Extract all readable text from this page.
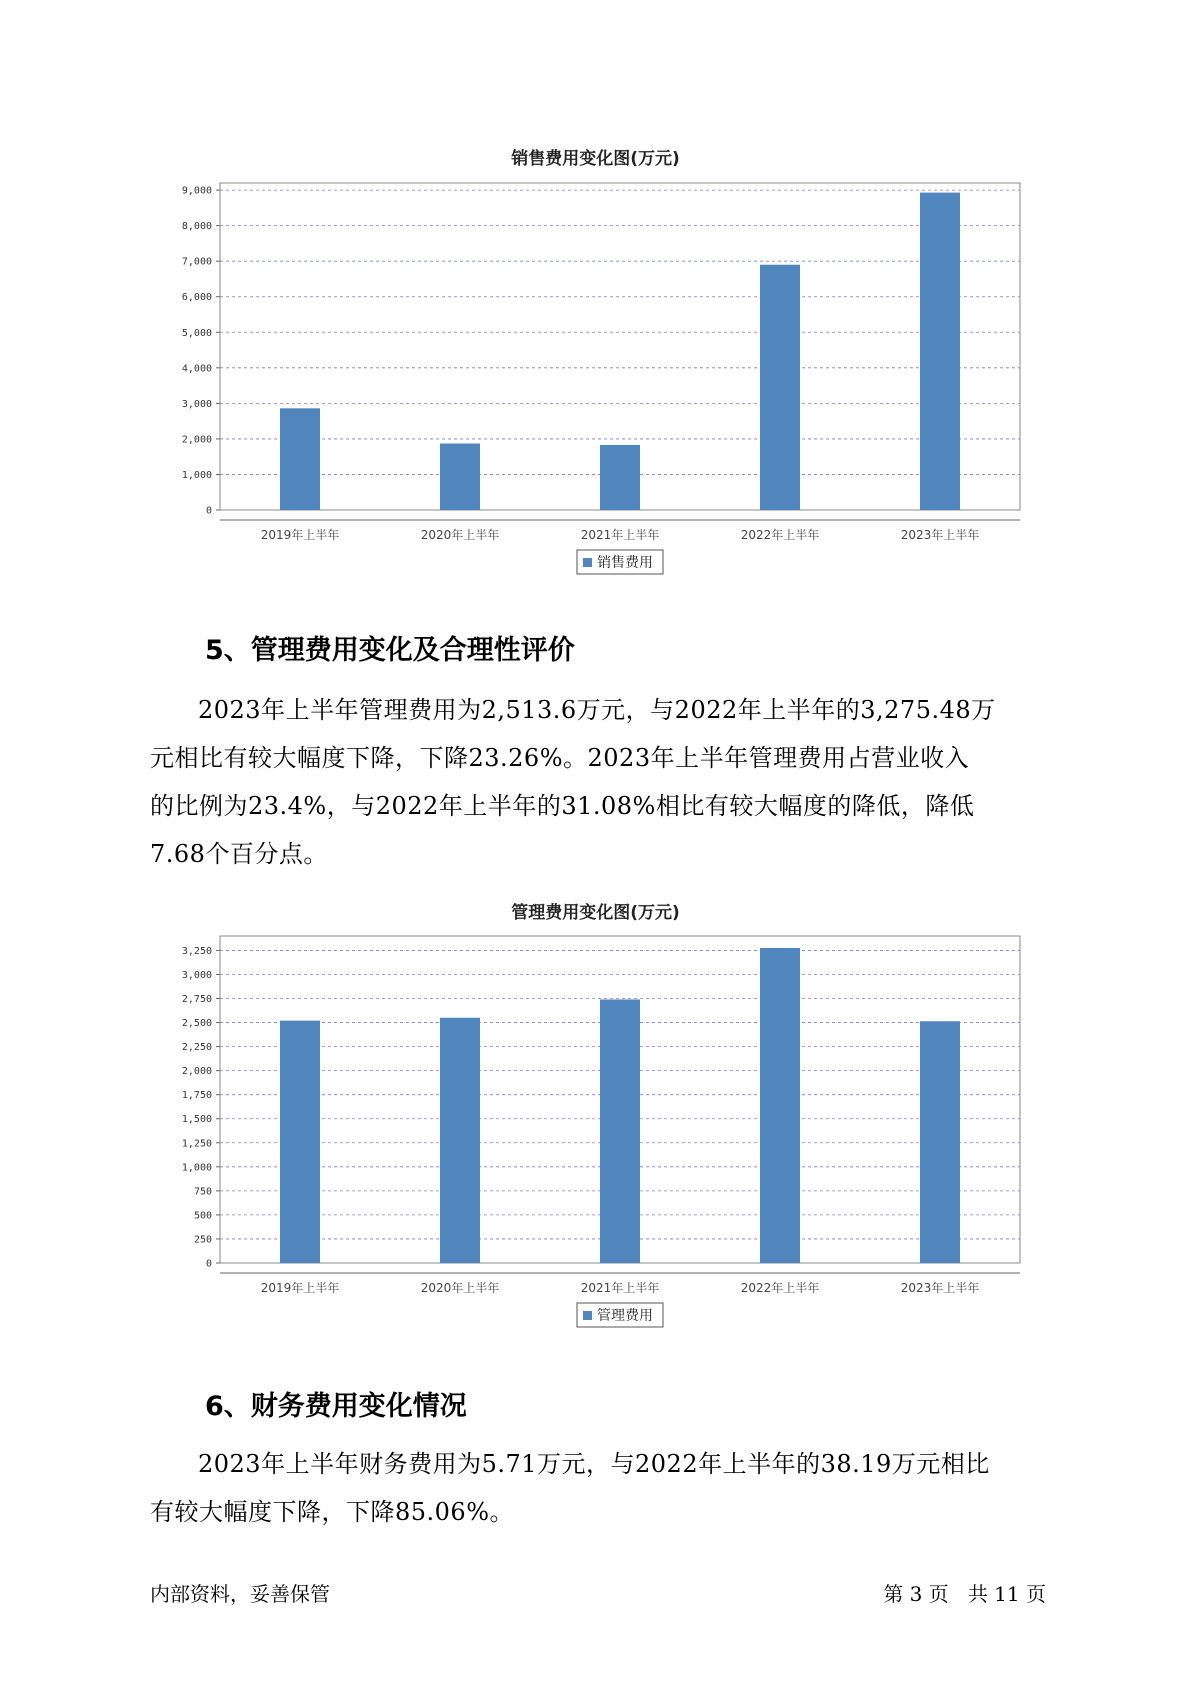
销售费用变化图(万元)
0
1,000
2,000
3,000
4,000
5,000
6,000
7,000
8,000
9,000
2019年上半年	2020年上半年	2021年上半年	2022年上半年	2023年上半年
销售费用
5、管理费用变化及合理性评价

2023年上半年管理费用为2,513.6万元，与2022年上半年的3,275.48万

元相比有较大幅度下降，下降23.26%。2023年上半年管理费用占营业收入

的比例为23.4%，与2022年上半年的31.08%相比有较大幅度的降低，降低

7.68个百分点。

管理费用变化图(万元)
0
250
500
750
1,000
1,250
1,500
1,750
2,000
2,250
2,500
2,750
3,000
3,250
2019年上半年	2020年上半年	2021年上半年	2022年上半年	2023年上半年
管理费用
6、财务费用变化情况

2023年上半年财务费用为5.71万元，与2022年上半年的38.19万元相比

有较大幅度下降，下降85.06%。

内部资料，妥善保管	第 3 页   共 11 页
